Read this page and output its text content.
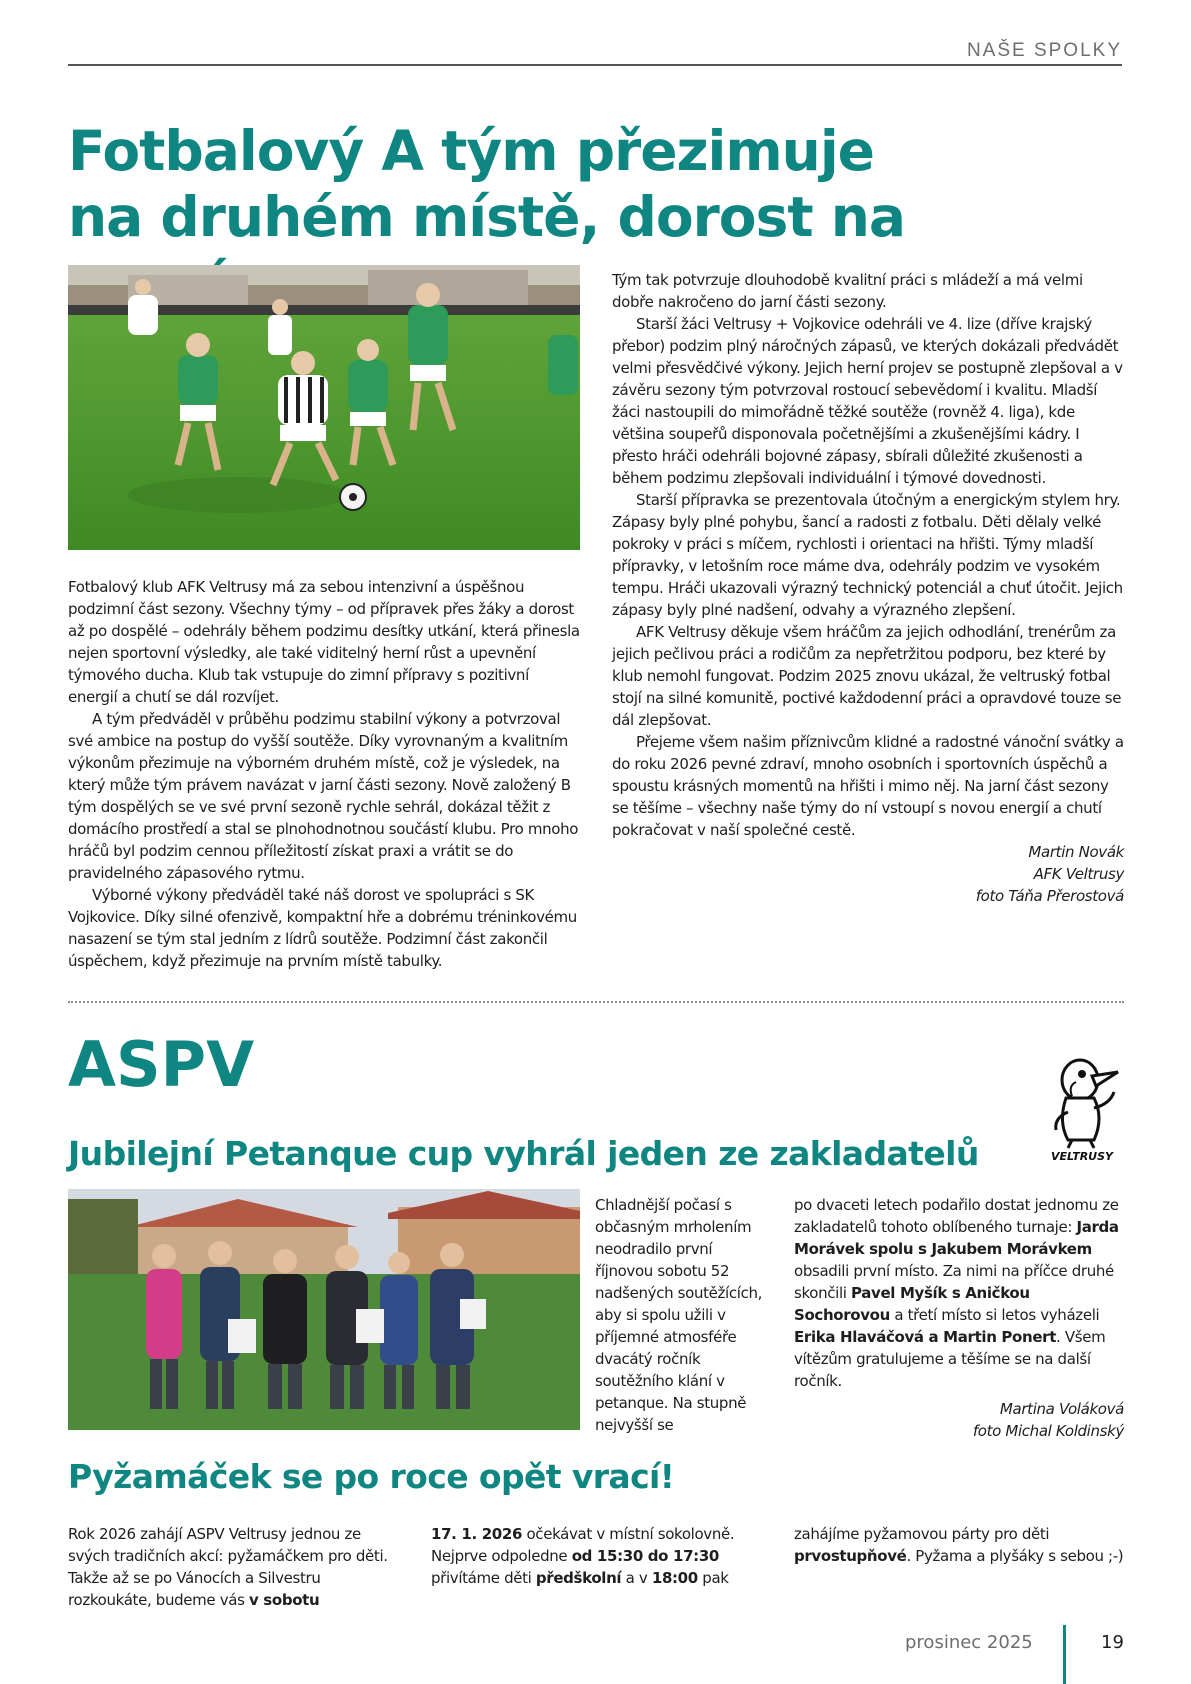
NAŠE SPOLKY
Fotbalový A tým přezimuje
na druhém místě, dorost na

Fotbalový klub AFK Veltrusy má za sebou intenzivní a úspěšnou podzimní část sezony. Všechny týmy – od přípravek přes žáky a dorost až po dospělé – odehrály během podzimu desítky utkání, která přinesla nejen sportovní výsledky, ale také viditelný herní růst a upevnění týmového ducha. Klub tak vstupuje do zimní přípravy s pozitivní energií a chutí se dál rozvíjet.

A tým předváděl v průběhu podzimu stabilní výkony a potvrzoval své ambice na postup do vyšší soutěže. Díky vyrovnaným a kvalitním výkonům přezimuje na výborném druhém místě, což je výsledek, na který může tým právem navázat v jarní části sezony. Nově založený B tým dospělých se ve své první sezoně rychle sehrál, dokázal těžit z domácího prostředí a stal se plnohodnotnou součástí klubu. Pro mnoho hráčů byl podzim cennou příležitostí získat praxi a vrátit se do pravidelného zápasového rytmu.

Výborné výkony předváděl také náš dorost ve spolupráci s SK Vojkovice. Díky silné ofenzivě, kompaktní hře a dobrému tréninkovému nasazení se tým stal jedním z lídrů soutěže. Podzimní část zakončil úspěchem, když přezimuje na prvním místě tabulky.

Tým tak potvrzuje dlouhodobě kvalitní práci s mládeží a má velmi dobře nakročeno do jarní části sezony.

Starší žáci Veltrusy + Vojkovice odehráli ve 4. lize (dříve krajský přebor) podzim plný náročných zápasů, ve kterých dokázali předvádět velmi přesvědčivé výkony. Jejich herní projev se postupně zlepšoval a v závěru sezony tým potvrzoval rostoucí sebevědomí i kvalitu. Mladší žáci nastoupili do mimořádně těžké soutěže (rovněž 4. liga), kde většina soupeřů disponovala početnějšími a zkušenějšími kádry. I přesto hráči odehráli bojovné zápasy, sbírali důležité zkušenosti a během podzimu zlepšovali individuální i týmové dovednosti.

Starší přípravka se prezentovala útočným a energickým stylem hry. Zápasy byly plné pohybu, šancí a radosti z fotbalu. Děti dělaly velké pokroky v práci s míčem, rychlosti i orientaci na hřišti. Týmy mladší přípravky, v letošním roce máme dva, odehrály podzim ve vysokém tempu. Hráči ukazovali výrazný technický potenciál a chuť útočit. Jejich zápasy byly plné nadšení, odvahy a výrazného zlepšení.

AFK Veltrusy děkuje všem hráčům za jejich odhodlání, trenérům za jejich pečlivou práci a rodičům za nepřetržitou podporu, bez které by klub nemohl fungovat. Podzim 2025 znovu ukázal, že veltruský fotbal stojí na silné komunitě, poctivé každodenní práci a opravdové touze se dál zlepšovat.

Přejeme všem našim příznivcům klidné a radostné vánoční svátky a do roku 2026 pevné zdraví, mnoho osobních i sportovních úspěchů a spoustu krásných momentů na hřišti i mimo něj. Na jarní část sezony se těšíme – všechny naše týmy do ní vstoupí s novou energií a chutí pokračovat v naší společné cestě.

Martin Novák
AFK Veltrusy
foto Táňa Přerostová
ASPV
VELTRUSY
Jubilejní Petanque cup vyhrál jeden ze zakladatelů

Chladnější počasí s občasným mrholením neodradilo první říjnovou sobotu 52 nadšených soutěžících, aby si spolu užili v příjemné atmosféře dvacátý ročník soutěžního klání v petanque. Na stupně nejvyšší se

po dvaceti letech podařilo dostat jednomu ze zakladatelů tohoto oblíbeného turnaje: Jarda Morávek spolu s Jakubem Morávkem obsadili první místo. Za nimi na příčce druhé skončili Pavel Myšík s Aničkou Sochorovou a třetí místo si letos vyházeli Erika Hlaváčová a Martin Ponert. Všem vítězům gratulujeme a těšíme se na další ročník.

Martina Voláková
foto Michal Koldinský
Pyžamáček se po roce opět vrací!

Rok 2026 zahájí ASPV Veltrusy jednou ze svých tradičních akcí: pyžamáčkem pro děti. Takže až se po Vánocích a Silvestru rozkoukáte, budeme vás v sobotu

17. 1. 2026 očekávat v místní sokolovně. Nejprve odpoledne od 15:30 do 17:30 přivítáme děti předškolní a v 18:00 pak

zahájíme pyžamovou párty pro děti prvostupňové. Pyžama a plyšáky s sebou ;-)

prosinec 2025	19
